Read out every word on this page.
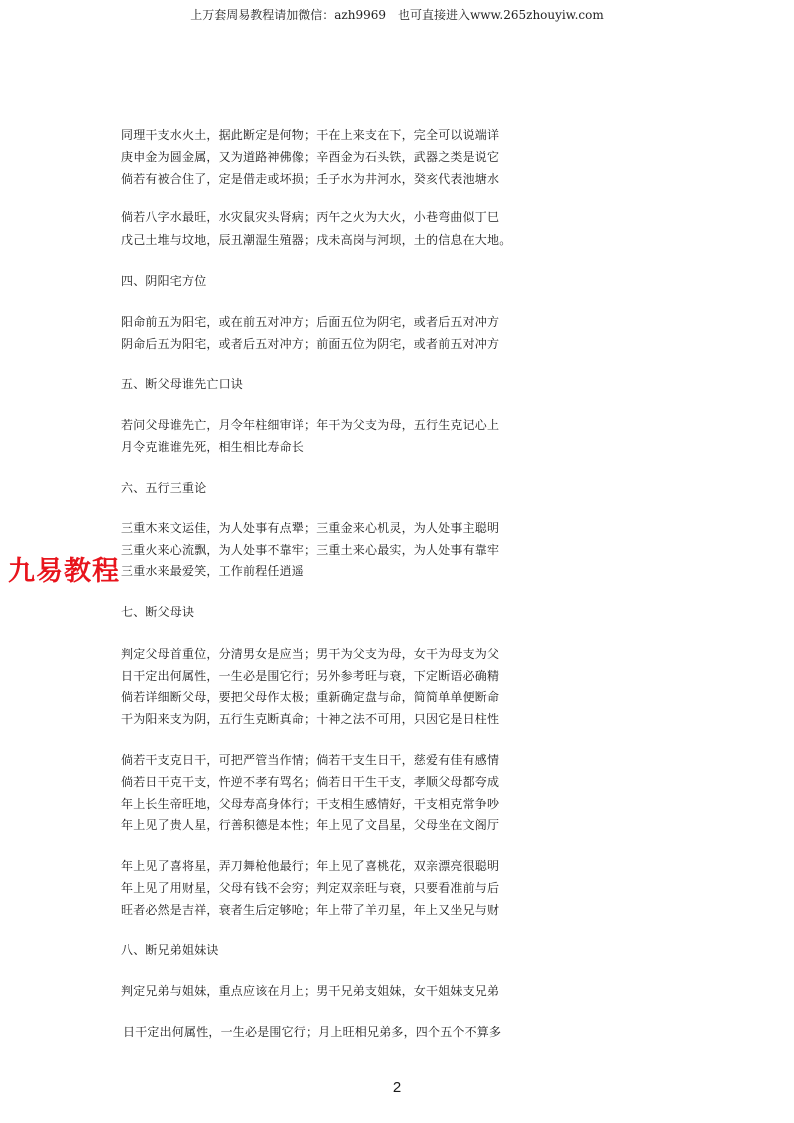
上万套周易教程请加微信：azh9969　也可直接进入www.265zhouyiw.com
同理干支水火土，据此断定是何物；干在上来支在下，完全可以说端详
庚申金为圆金属，又为道路神佛像；辛酉金为石头铁，武器之类是说它
倘若有被合住了，定是借走或坏损；壬子水为井河水，癸亥代表池塘水
倘若八字水最旺，水灾鼠灾头肾病；丙午之火为大火，小巷弯曲似丁巳
戊己土堆与坟地，辰丑潮湿生殖器；戌未高岗与河坝，土的信息在大地。
四、阴阳宅方位
阳命前五为阳宅，或在前五对冲方；后面五位为阴宅，或者后五对冲方
阴命后五为阳宅，或者后五对冲方；前面五位为阴宅，或者前五对冲方
五、断父母谁先亡口诀
若问父母谁先亡，月令年柱细审详；年干为父支为母，五行生克记心上
月令克谁谁先死，相生相比寿命长
六、五行三重论
三重木来文运佳，为人处事有点犟；三重金来心机灵，为人处事主聪明
三重火来心流飘，为人处事不靠牢；三重土来心最实，为人处事有靠牢
三重水来最爱笑，工作前程任逍遥
七、断父母诀
判定父母首重位，分清男女是应当；男干为父支为母，女干为母支为父
日干定出何属性，一生必是围它行；另外参考旺与衰，下定断语必确精
倘若详细断父母，要把父母作太极；重新确定盘与命，简简单单便断命
干为阳来支为阴，五行生克断真命；十神之法不可用，只因它是日柱性
倘若干支克日干，可把严管当作情；倘若干支生日干，慈爱有佳有感情
倘若日干克干支，忤逆不孝有骂名；倘若日干生干支，孝顺父母都夸成
年上长生帝旺地，父母寿高身体行；干支相生感情好，干支相克常争吵
年上见了贵人星，行善积德是本性；年上见了文昌星，父母坐在文阁厅
年上见了喜将星，弄刀舞枪他最行；年上见了喜桃花，双亲漂亮很聪明
年上见了用财星，父母有钱不会穷；判定双亲旺与衰，只要看准前与后
旺者必然是吉祥，衰者生后定够呛；年上带了羊刃星，年上又坐兄与财
八、断兄弟姐妹诀
判定兄弟与姐妹，重点应该在月上；男干兄弟支姐妹，女干姐妹支兄弟
日干定出何属性，一生必是围它行；月上旺相兄弟多，四个五个不算多
九易教程
2
